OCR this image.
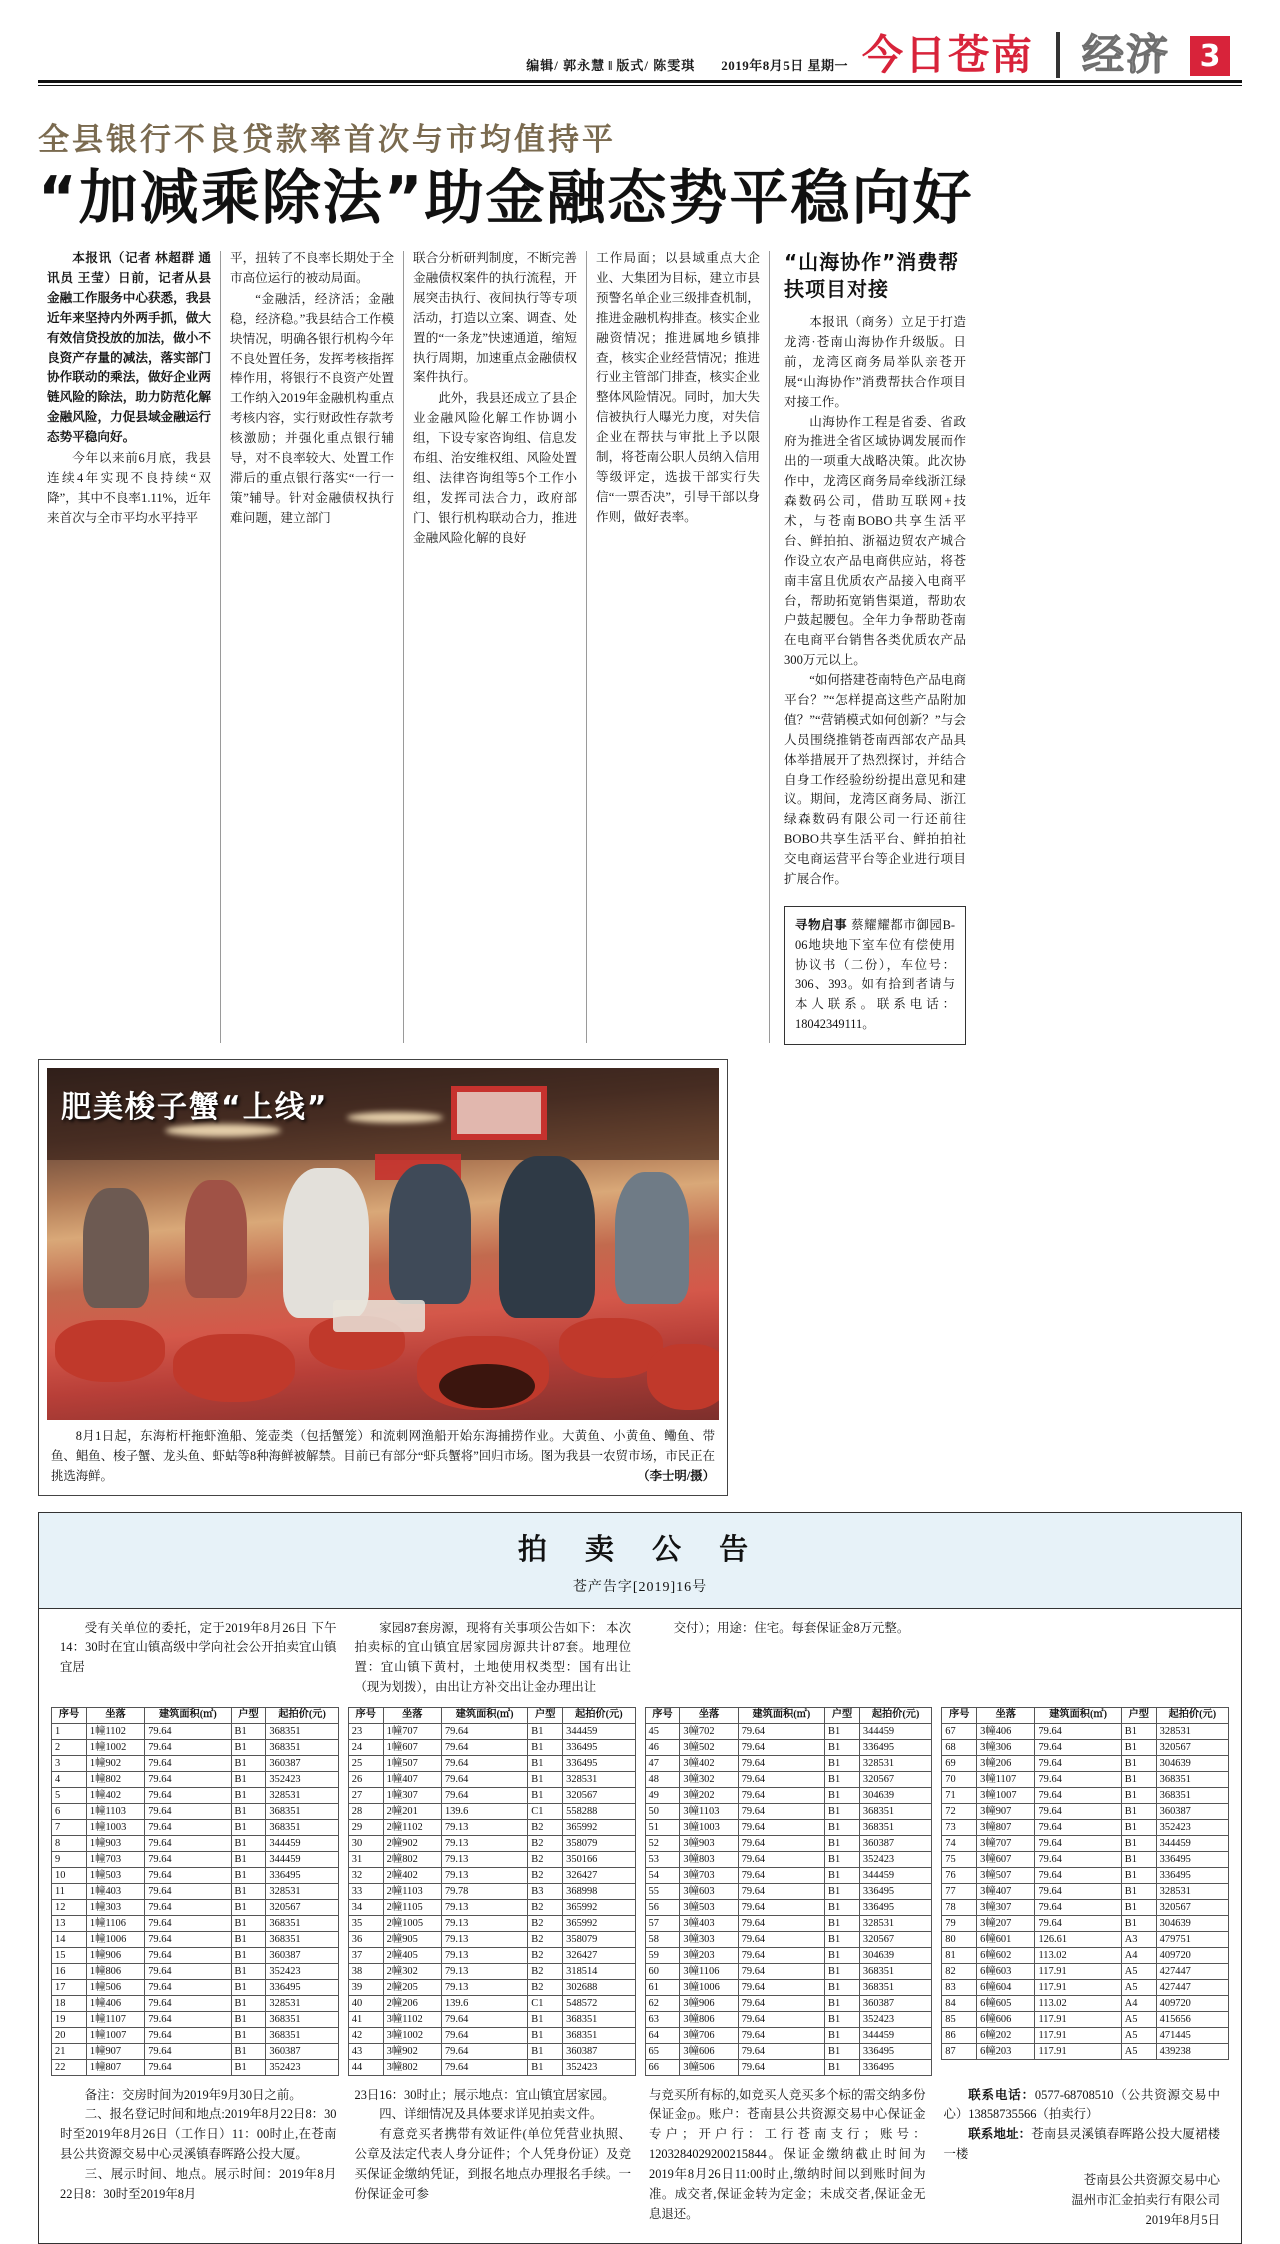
编辑/ 郭永慧 ‖ 版式/ 陈雯琪 2019年8月5日 星期一 今日苍南 经济 3
全县银行不良贷款率首次与市均值持平
“加减乘除法”助金融态势平稳向好

本报讯（记者 林超群 通讯员 王莹）日前，记者从县金融工作服务中心获悉，我县近年来坚持内外两手抓，做大有效信贷投放的加法，做小不良资产存量的减法，落实部门协作联动的乘法，做好企业两链风险的除法，助力防范化解金融风险，力促县域金融运行态势平稳向好。

今年以来前6月底，我县连续4年实现不良持续“双降”，其中不良率1.11%，近年来首次与全市平均水平持平

平，扭转了不良率长期处于全市高位运行的被动局面。

“金融活，经济活；金融稳，经济稳。”我县结合工作模块情况，明确各银行机构今年不良处置任务，发挥考核指挥棒作用，将银行不良资产处置工作纳入2019年金融机构重点考核内容，实行财政性存款考核激励；并强化重点银行辅导，对不良率较大、处置工作滞后的重点银行落实“一行一策”辅导。针对金融债权执行难问题，建立部门

联合分析研判制度，不断完善金融债权案件的执行流程，开展突击执行、夜间执行等专项活动，打造以立案、调查、处置的“一条龙”快速通道，缩短执行周期，加速重点金融债权案件执行。

此外，我县还成立了县企业金融风险化解工作协调小组，下设专家咨询组、信息发布组、治安维权组、风险处置组、法律咨询组等5个工作小组，发挥司法合力，政府部门、银行机构联动合力，推进金融风险化解的良好

工作局面；以县域重点大企业、大集团为目标，建立市县预警名单企业三级排查机制，推进金融机构排查。核实企业融资情况；推进属地乡镇排查，核实企业经营情况；推进行业主管部门排查，核实企业整体风险情况。同时，加大失信被执行人曝光力度，对失信企业在帮扶与审批上予以限制，将苍南公职人员纳入信用等级评定，选拔干部实行失信“一票否决”，引导干部以身作则，做好表率。

“山海协作”消费帮扶项目对接

本报讯（商务）立足于打造龙湾·苍南山海协作升级版。日前，龙湾区商务局举队亲苍开展“山海协作”消费帮扶合作项目对接工作。

山海协作工程是省委、省政府为推进全省区域协调发展而作出的一项重大战略决策。此次协作中，龙湾区商务局牵线浙江绿森数码公司，借助互联网+技术，与苍南BOBO共享生活平台、鲜拍拍、浙福边贸农产城合作设立农产品电商供应站，将苍南丰富且优质农产品接入电商平台，帮助拓宽销售渠道，帮助农户鼓起腰包。全年力争帮助苍南在电商平台销售各类优质农产品300万元以上。

“如何搭建苍南特色产品电商平台？”“怎样提高这些产品附加值？”“营销模式如何创新？”与会人员围绕推销苍南西部农产品具体举措展开了热烈探讨，并结合自身工作经验纷纷提出意见和建议。期间，龙湾区商务局、浙江绿森数码有限公司一行还前往BOBO共享生活平台、鲜拍拍社交电商运营平台等企业进行项目扩展合作。

寻物启事 蔡耀耀都市御园B-06地块地下室车位有偿使用协议书（二份），车位号：306、393。如有拾到者请与本人联系。联系电话：18042349111。
肥美梭子蟹“上线”
8月1日起，东海桁杆拖虾渔船、笼壶类（包括蟹笼）和流刺网渔船开始东海捕捞作业。大黄鱼、小黄鱼、鳓鱼、带鱼、鲳鱼、梭子蟹、龙头鱼、虾蛄等8种海鲜被解禁。目前已有部分“虾兵蟹将”回归市场。图为我县一农贸市场，市民正在挑选海鲜。	（李士明/摄）
拍 卖 公 告
苍产告字[2019]16号

受有关单位的委托，定于2019年8月26日 下午14：30时在宜山镇高级中学向社会公开拍卖宜山镇宜居

家园87套房源，现将有关事项公告如下： 本次拍卖标的宜山镇宜居家园房源共计87套。地理位置：宜山镇下黄村，土地使用权类型：国有出让（现为划拨），由出让方补交出让金办理出让

交付）；用途：住宅。每套保证金8万元整。

序号	坐落	建筑面积(㎡)	户型	起拍价(元)
1	1幢1102	79.64	B1	368351
2	1幢1002	79.64	B1	368351
3	1幢902	79.64	B1	360387
4	1幢802	79.64	B1	352423
5	1幢402	79.64	B1	328531
6	1幢1103	79.64	B1	368351
7	1幢1003	79.64	B1	368351
8	1幢903	79.64	B1	344459
9	1幢703	79.64	B1	344459
10	1幢503	79.64	B1	336495
11	1幢403	79.64	B1	328531
12	1幢303	79.64	B1	320567
13	1幢1106	79.64	B1	368351
14	1幢1006	79.64	B1	368351
15	1幢906	79.64	B1	360387
16	1幢806	79.64	B1	352423
17	1幢506	79.64	B1	336495
18	1幢406	79.64	B1	328531
19	1幢1107	79.64	B1	368351
20	1幢1007	79.64	B1	368351
21	1幢907	79.64	B1	360387
22	1幢807	79.64	B1	352423
序号	坐落	建筑面积(㎡)	户型	起拍价(元)
23	1幢707	79.64	B1	344459
24	1幢607	79.64	B1	336495
25	1幢507	79.64	B1	336495
26	1幢407	79.64	B1	328531
27	1幢307	79.64	B1	320567
28	2幢201	139.6	C1	558288
29	2幢1102	79.13	B2	365992
30	2幢902	79.13	B2	358079
31	2幢802	79.13	B2	350166
32	2幢402	79.13	B2	326427
33	2幢1103	79.78	B3	368998
34	2幢1105	79.13	B2	365992
35	2幢1005	79.13	B2	365992
36	2幢905	79.13	B2	358079
37	2幢405	79.13	B2	326427
38	2幢302	79.13	B2	318514
39	2幢205	79.13	B2	302688
40	2幢206	139.6	C1	548572
41	3幢1102	79.64	B1	368351
42	3幢1002	79.64	B1	368351
43	3幢902	79.64	B1	360387
44	3幢802	79.64	B1	352423
序号	坐落	建筑面积(㎡)	户型	起拍价(元)
45	3幢702	79.64	B1	344459
46	3幢502	79.64	B1	336495
47	3幢402	79.64	B1	328531
48	3幢302	79.64	B1	320567
49	3幢202	79.64	B1	304639
50	3幢1103	79.64	B1	368351
51	3幢1003	79.64	B1	368351
52	3幢903	79.64	B1	360387
53	3幢803	79.64	B1	352423
54	3幢703	79.64	B1	344459
55	3幢603	79.64	B1	336495
56	3幢503	79.64	B1	336495
57	3幢403	79.64	B1	328531
58	3幢303	79.64	B1	320567
59	3幢203	79.64	B1	304639
60	3幢1106	79.64	B1	368351
61	3幢1006	79.64	B1	368351
62	3幢906	79.64	B1	360387
63	3幢806	79.64	B1	352423
64	3幢706	79.64	B1	344459
65	3幢606	79.64	B1	336495
66	3幢506	79.64	B1	336495
序号	坐落	建筑面积(㎡)	户型	起拍价(元)
67	3幢406	79.64	B1	328531
68	3幢306	79.64	B1	320567
69	3幢206	79.64	B1	304639
70	3幢1107	79.64	B1	368351
71	3幢1007	79.64	B1	368351
72	3幢907	79.64	B1	360387
73	3幢807	79.64	B1	352423
74	3幢707	79.64	B1	344459
75	3幢607	79.64	B1	336495
76	3幢507	79.64	B1	336495
77	3幢407	79.64	B1	328531
78	3幢307	79.64	B1	320567
79	3幢207	79.64	B1	304639
80	6幢601	126.61	A3	479751
81	6幢602	113.02	A4	409720
82	6幢603	117.91	A5	427447
83	6幢604	117.91	A5	427447
84	6幢605	113.02	A4	409720
85	6幢606	117.91	A5	415656
86	6幢202	117.91	A5	471445
87	6幢203	117.91	A5	439238

备注：交房时间为2019年9月30日之前。

二、报名登记时间和地点:2019年8月22日8：30时至2019年8月26日（工作日）11：00时止,在苍南县公共资源交易中心灵溪镇春晖路公投大厦。

三、展示时间、地点。展示时间：2019年8月22日8：30时至2019年8月

23日16：30时止；展示地点：宜山镇宜居家园。

四、详细情况及具体要求详见拍卖文件。

有意竞买者携带有效证件(单位凭营业执照、公章及法定代表人身分证件；个人凭身份证）及竞买保证金缴纳凭证，到报名地点办理报名手续。一份保证金可参

与竞买所有标的,如竞买人竞买多个标的需交纳多份保证金ற。账户：苍南县公共资源交易中心保证金专户；开户行：工行苍南支行；账号：1203284029200215844。保证金缴纳截止时间为2019年8月26日11:00时止,缴纳时间以到账时间为准。成交者,保证金转为定金；未成交者,保证金无息退还。

联系电话：0577-68708510（公共资源交易中心）13858735566（拍卖行）

联系地址：苍南县灵溪镇春晖路公投大厦裙楼一楼

苍南县公共资源交易中心
温州市汇金拍卖行有限公司
2019年8月5日
